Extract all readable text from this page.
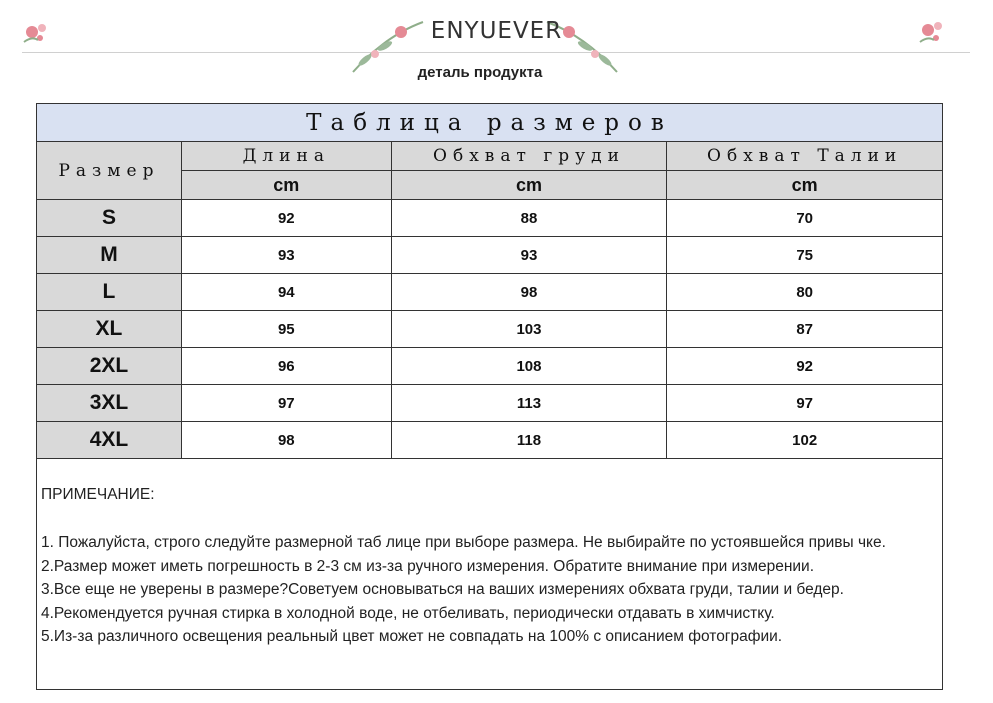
ENYUEVER
деталь продукта
Таблица размеров			
Размер	Длина	Обхват груди	Обхват Талии
	cm	cm	cm
S	92	88	70
M	93	93	75
L	94	98	80
XL	95	103	87
2XL	96	108	92
3XL	97	113	97
4XL	98	118	102
ПРИМЕЧАНИЕ:
1. Пожалуйста, строго следуйте размерной таб лице при выборе размера. Не выбирайте по устоявшейся привы чке.
2.Размер может иметь погрешность в 2-3 см из-за ручного измерения. Обратите внимание при измерении.
3.Все еще не уверены в размере?Советуем основываться на ваших измерениях обхвата груди, талии и бедер.
4.Рекомендуется ручная стирка в холодной воде, не отбеливать, периодически отдавать в химчистку.
5.Из-за различного освещения реальный цвет может не совпадать на 100% с описанием фотографии.
